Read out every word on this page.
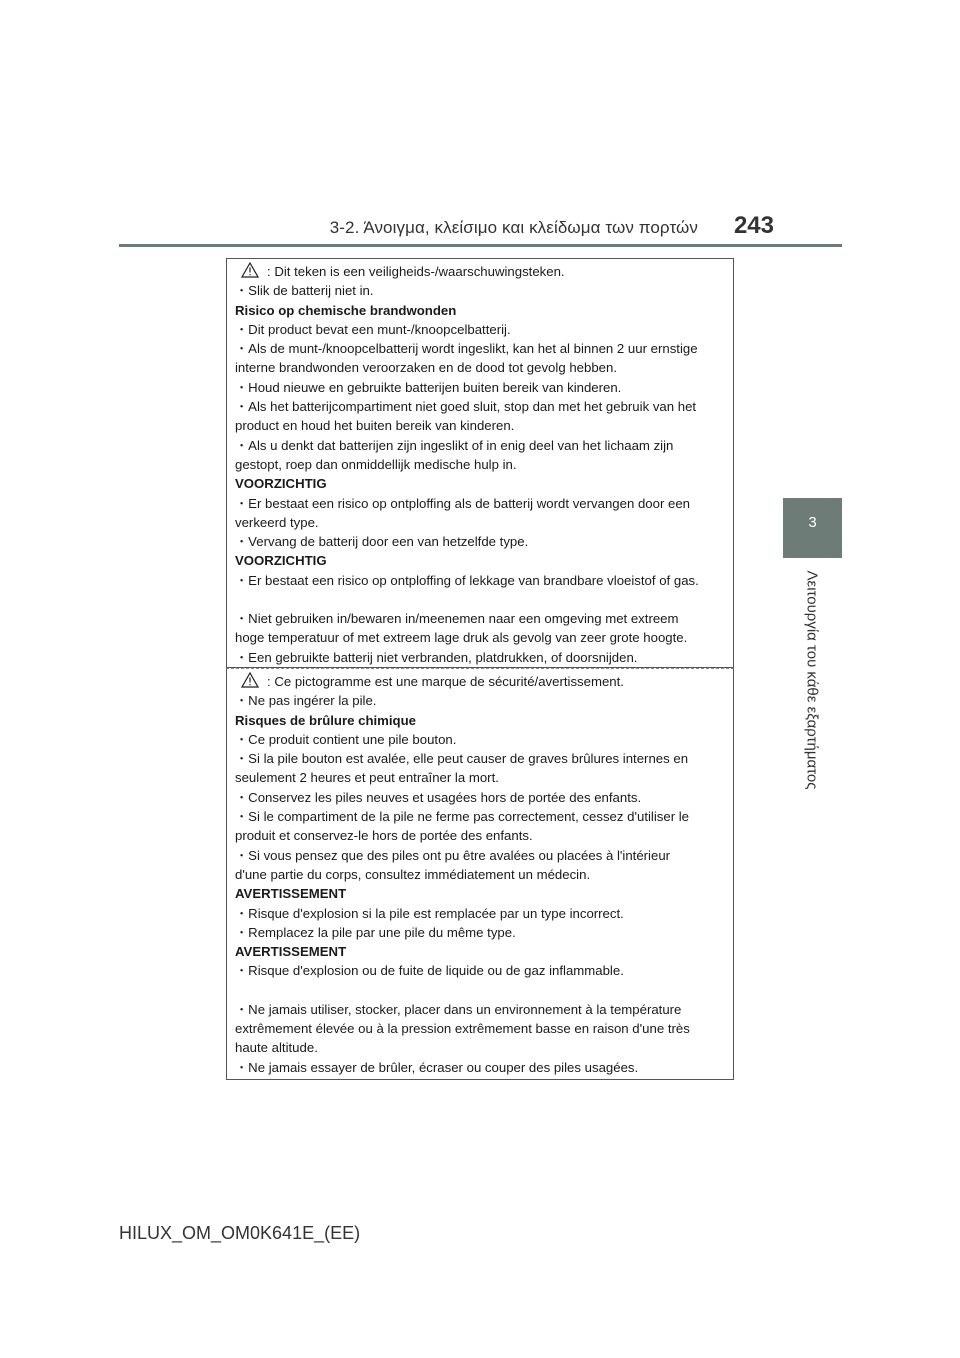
3-2. Άνοιγμα, κλείσιμο και κλείδωμα των πορτών 243
3
Λειτουργία του κάθε εξαρτήματος
: Dit teken is een veiligheids-/waarschuwingsteken.
・Slik de batterij niet in.
Risico op chemische brandwonden
・Dit product bevat een munt-/knoopcelbatterij.
・Als de munt-/knoopcelbatterij wordt ingeslikt, kan het al binnen 2 uur ernstige
interne brandwonden veroorzaken en de dood tot gevolg hebben.
・Houd nieuwe en gebruikte batterijen buiten bereik van kinderen.
・Als het batterijcompartiment niet goed sluit, stop dan met het gebruik van het
product en houd het buiten bereik van kinderen.
・Als u denkt dat batterijen zijn ingeslikt of in enig deel van het lichaam zijn
gestopt, roep dan onmiddellijk medische hulp in.
VOORZICHTIG
・Er bestaat een risico op ontploffing als de batterij wordt vervangen door een
verkeerd type.
・Vervang de batterij door een van hetzelfde type.
VOORZICHTIG
・Er bestaat een risico op ontploffing of lekkage van brandbare vloeistof of gas.
・Niet gebruiken in/bewaren in/meenemen naar een omgeving met extreem
hoge temperatuur of met extreem lage druk als gevolg van zeer grote hoogte.
・Een gebruikte batterij niet verbranden, platdrukken, of doorsnijden.
: Ce pictogramme est une marque de sécurité/avertissement.
・Ne pas ingérer la pile.
Risques de brûlure chimique
・Ce produit contient une pile bouton.
・Si la pile bouton est avalée, elle peut causer de graves brûlures internes en
seulement 2 heures et peut entraîner la mort.
・Conservez les piles neuves et usagées hors de portée des enfants.
・Si le compartiment de la pile ne ferme pas correctement, cessez d'utiliser le
produit et conservez-le hors de portée des enfants.
・Si vous pensez que des piles ont pu être avalées ou placées à l'intérieur
d'une partie du corps, consultez immédiatement un médecin.
AVERTISSEMENT
・Risque d'explosion si la pile est remplacée par un type incorrect.
・Remplacez la pile par une pile du même type.
AVERTISSEMENT
・Risque d'explosion ou de fuite de liquide ou de gaz inflammable.
・Ne jamais utiliser, stocker, placer dans un environnement à la température
extrêmement élevée ou à la pression extrêmement basse en raison d'une très
haute altitude.
・Ne jamais essayer de brûler, écraser ou couper des piles usagées.
HILUX_OM_OM0K641E_(EE)
